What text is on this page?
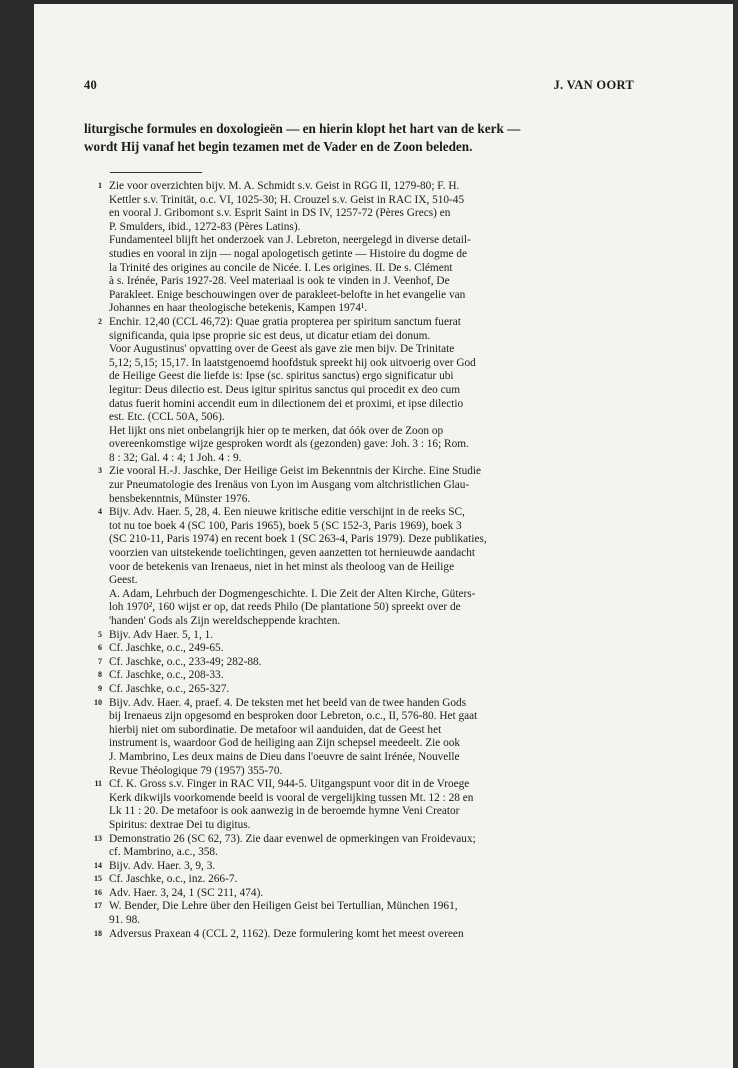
40	J. VAN OORT
liturgische formules en doxologieën — en hierin klopt het hart van de kerk —
wordt Hij vanaf het begin tezamen met de Vader en de Zoon beleden.
1 Zie voor overzichten bijv. M. A. Schmidt s.v. Geist in RGG II, 1279-80; F. H.
Kettler s.v. Trinität, o.c. VI, 1025-30; H. Crouzel s.v. Geist in RAC IX, 510-45
en vooral J. Gribomont s.v. Esprit Saint in DS IV, 1257-72 (Pères Grecs) en
P. Smulders, ibid., 1272-83 (Pères Latins).
Fundamenteel blijft het onderzoek van J. Lebreton, neergelegd in diverse detail-
studies en vooral in zijn — nogal apologetisch getinte — Histoire du dogme de
la Trinité des origines au concile de Nicée. I. Les origines. II. De s. Clément
à s. Irénée, Paris 1927-28. Veel materiaal is ook te vinden in J. Veenhof, De
Parakleet. Enige beschouwingen over de parakleet-belofte in het evangelie van
Johannes en haar theologische betekenis, Kampen 1974¹.
2 Enchir. 12,40 (CCL 46,72): Quae gratia propterea per spiritum sanctum fuerat
significanda, quia ipse proprie sic est deus, ut dicatur etiam dei donum.
Voor Augustinus' opvatting over de Geest als gave zie men bijv. De Trinitate
5,12; 5,15; 15,17. In laatstgenoemd hoofdstuk spreekt hij ook uitvoerig over God
de Heilige Geest die liefde is: Ipse (sc. spiritus sanctus) ergo significatur ubi
legitur: Deus dilectio est. Deus igitur spiritus sanctus qui procedit ex deo cum
datus fuerit homini accendit eum in dilectionem dei et proximi, et ipse dilectio
est. Etc. (CCL 50A, 506).
Het lijkt ons niet onbelangrijk hier op te merken, dat óók over de Zoon op
overeenkomstige wijze gesproken wordt als (gezonden) gave: Joh. 3 : 16; Rom.
8 : 32; Gal. 4 : 4; 1 Joh. 4 : 9.
3 Zie vooral H.-J. Jaschke, Der Heilige Geist im Bekenntnis der Kirche. Eine Studie
zur Pneumatologie des Irenäus von Lyon im Ausgang vom altchristlichen Glau-
bensbekenntnis, Münster 1976.
4 Bijv. Adv. Haer. 5, 28, 4. Een nieuwe kritische editie verschijnt in de reeks SC,
tot nu toe boek 4 (SC 100, Paris 1965), boek 5 (SC 152-3, Paris 1969), boek 3
(SC 210-11, Paris 1974) en recent boek 1 (SC 263-4, Paris 1979). Deze publikaties,
voorzien van uitstekende toelichtingen, geven aanzetten tot hernieuwde aandacht
voor de betekenis van Irenaeus, niet in het minst als theoloog van de Heilige
Geest.
A. Adam, Lehrbuch der Dogmengeschichte. I. Die Zeit der Alten Kirche, Güters-
loh 1970², 160 wijst er op, dat reeds Philo (De plantatione 50) spreekt over de
'handen' Gods als Zijn wereldscheppende krachten.
5 Bijv. Adv Haer. 5, 1, 1.
6 Cf. Jaschke, o.c., 249-65.
7 Cf. Jaschke, o.c., 233-49; 282-88.
8 Cf. Jaschke, o.c., 208-33.
9 Cf. Jaschke, o.c., 265-327.
10 Bijv. Adv. Haer. 4, praef. 4. De teksten met het beeld van de twee handen Gods
bij Irenaeus zijn opgesomd en besproken door Lebreton, o.c., II, 576-80. Het gaat
hierbij niet om subordinatie. De metafoor wil aanduiden, dat de Geest het
instrument is, waardoor God de heiliging aan Zijn schepsel meedeelt. Zie ook
J. Mambrino, Les deux mains de Dieu dans l'oeuvre de saint Irénée, Nouvelle
Revue Théologique 79 (1957) 355-70.
11 Cf. K. Gross s.v. Finger in RAC VII, 944-5. Uitgangspunt voor dit in de Vroege
Kerk dikwijls voorkomende beeld is vooral de vergelijking tussen Mt. 12 : 28 en
Lk 11 : 20. De metafoor is ook aanwezig in de beroemde hymne Veni Creator
Spiritus: dextrae Dei tu digitus.
13 Demonstratio 26 (SC 62, 73). Zie daar evenwel de opmerkingen van Froidevaux;
cf. Mambrino, a.c., 358.
14 Bijv. Adv. Haer. 3, 9, 3.
15 Cf. Jaschke, o.c., inz. 266-7.
16 Adv. Haer. 3, 24, 1 (SC 211, 474).
17 W. Bender, Die Lehre über den Heiligen Geist bei Tertullian, München 1961,
91. 98.
18 Adversus Praxean 4 (CCL 2, 1162). Deze formulering komt het meest overeen
